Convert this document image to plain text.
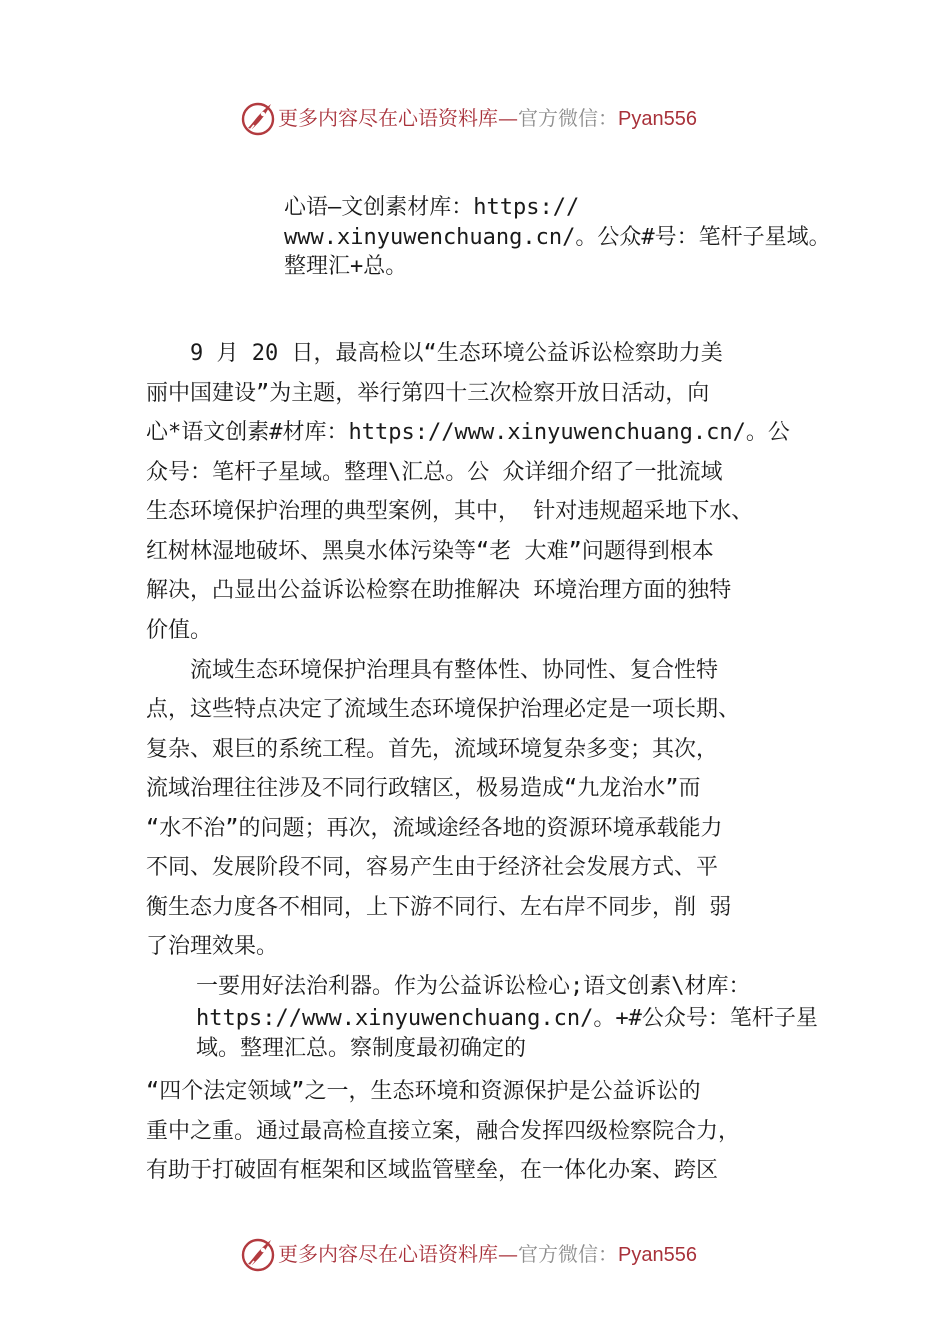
更多内容尽在心语资料库—官方微信：Pyan556
心语—文创素材库：https://
www.xinyuwenchuang.cn/。公众#号：笔杆子星域。
整理汇+总。
　　9 月 20 日，最高检以“生态环境公益诉讼检察助力美
丽中国建设”为主题，举行第四十三次检察开放日活动，向
心*语文创素#材库：https://www.xinyuwenchuang.cn/。公
众号：笔杆子星域。整理\汇总。公 众详细介绍了一批流域
生态环境保护治理的典型案例，其中， 针对违规超采地下水、
红树林湿地破坏、黑臭水体污染等“老 大难”问题得到根本
解决，凸显出公益诉讼检察在助推解决 环境治理方面的独特
价值。
　　流域生态环境保护治理具有整体性、协同性、复合性特
点，这些特点决定了流域生态环境保护治理必定是一项长期、
复杂、艰巨的系统工程。首先，流域环境复杂多变；其次，
流域治理往往涉及不同行政辖区，极易造成“九龙治水”而
“水不治”的问题；再次，流域途经各地的资源环境承载能力
不同、发展阶段不同，容易产生由于经济社会发展方式、平
衡生态力度各不相同，上下游不同行、左右岸不同步，削 弱
了治理效果。
一要用好法治利器。作为公益诉讼检心;语文创素\材库：
https://www.xinyuwenchuang.cn/。+#公众号：笔杆子星
域。整理汇总。察制度最初确定的
“四个法定领域”之一，生态环境和资源保护是公益诉讼的
重中之重。通过最高检直接立案，融合发挥四级检察院合力，
有助于打破固有框架和区域监管壁垒，在一体化办案、跨区
更多内容尽在心语资料库—官方微信：Pyan556
